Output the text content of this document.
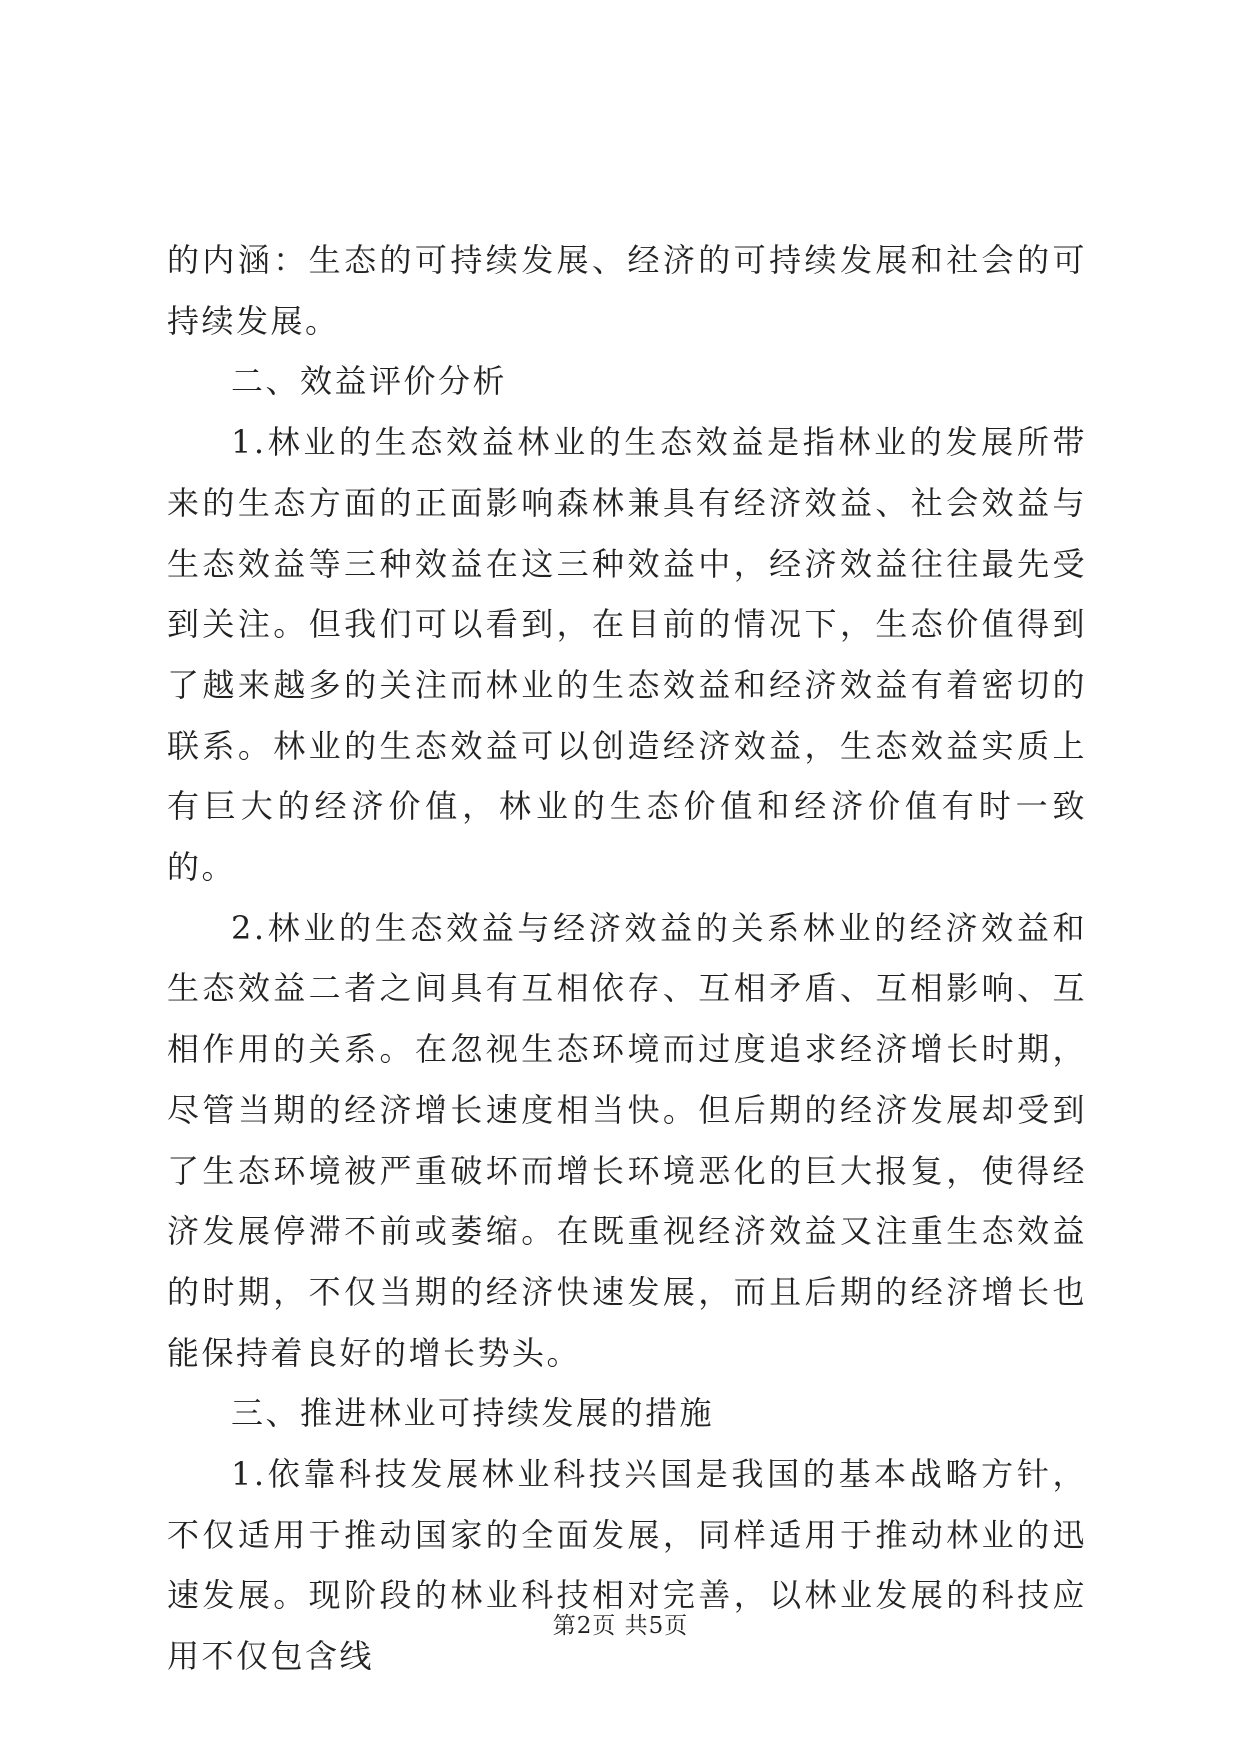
的内涵：生态的可持续发展、经济的可持续发展和社会的可持续发展。

二、效益评价分析

1.林业的生态效益林业的生态效益是指林业的发展所带来的生态方面的正面影响森林兼具有经济效益、社会效益与生态效益等三种效益在这三种效益中，经济效益往往最先受到关注。但我们可以看到，在目前的情况下，生态价值得到了越来越多的关注而林业的生态效益和经济效益有着密切的联系。林业的生态效益可以创造经济效益，生态效益实质上有巨大的经济价值，林业的生态价值和经济价值有时一致的。

2.林业的生态效益与经济效益的关系林业的经济效益和生态效益二者之间具有互相依存、互相矛盾、互相影响、互相作用的关系。在忽视生态环境而过度追求经济增长时期，尽管当期的经济增长速度相当快。但后期的经济发展却受到了生态环境被严重破坏而增长环境恶化的巨大报复，使得经济发展停滞不前或萎缩。在既重视经济效益又注重生态效益的时期，不仅当期的经济快速发展，而且后期的经济增长也能保持着良好的增长势头。

三、推进林业可持续发展的措施

1.依靠科技发展林业科技兴国是我国的基本战略方针，不仅适用于推动国家的全面发展，同样适用于推动林业的迅速发展。现阶段的林业科技相对完善，以林业发展的科技应用不仅包含线

第2页 共5页
